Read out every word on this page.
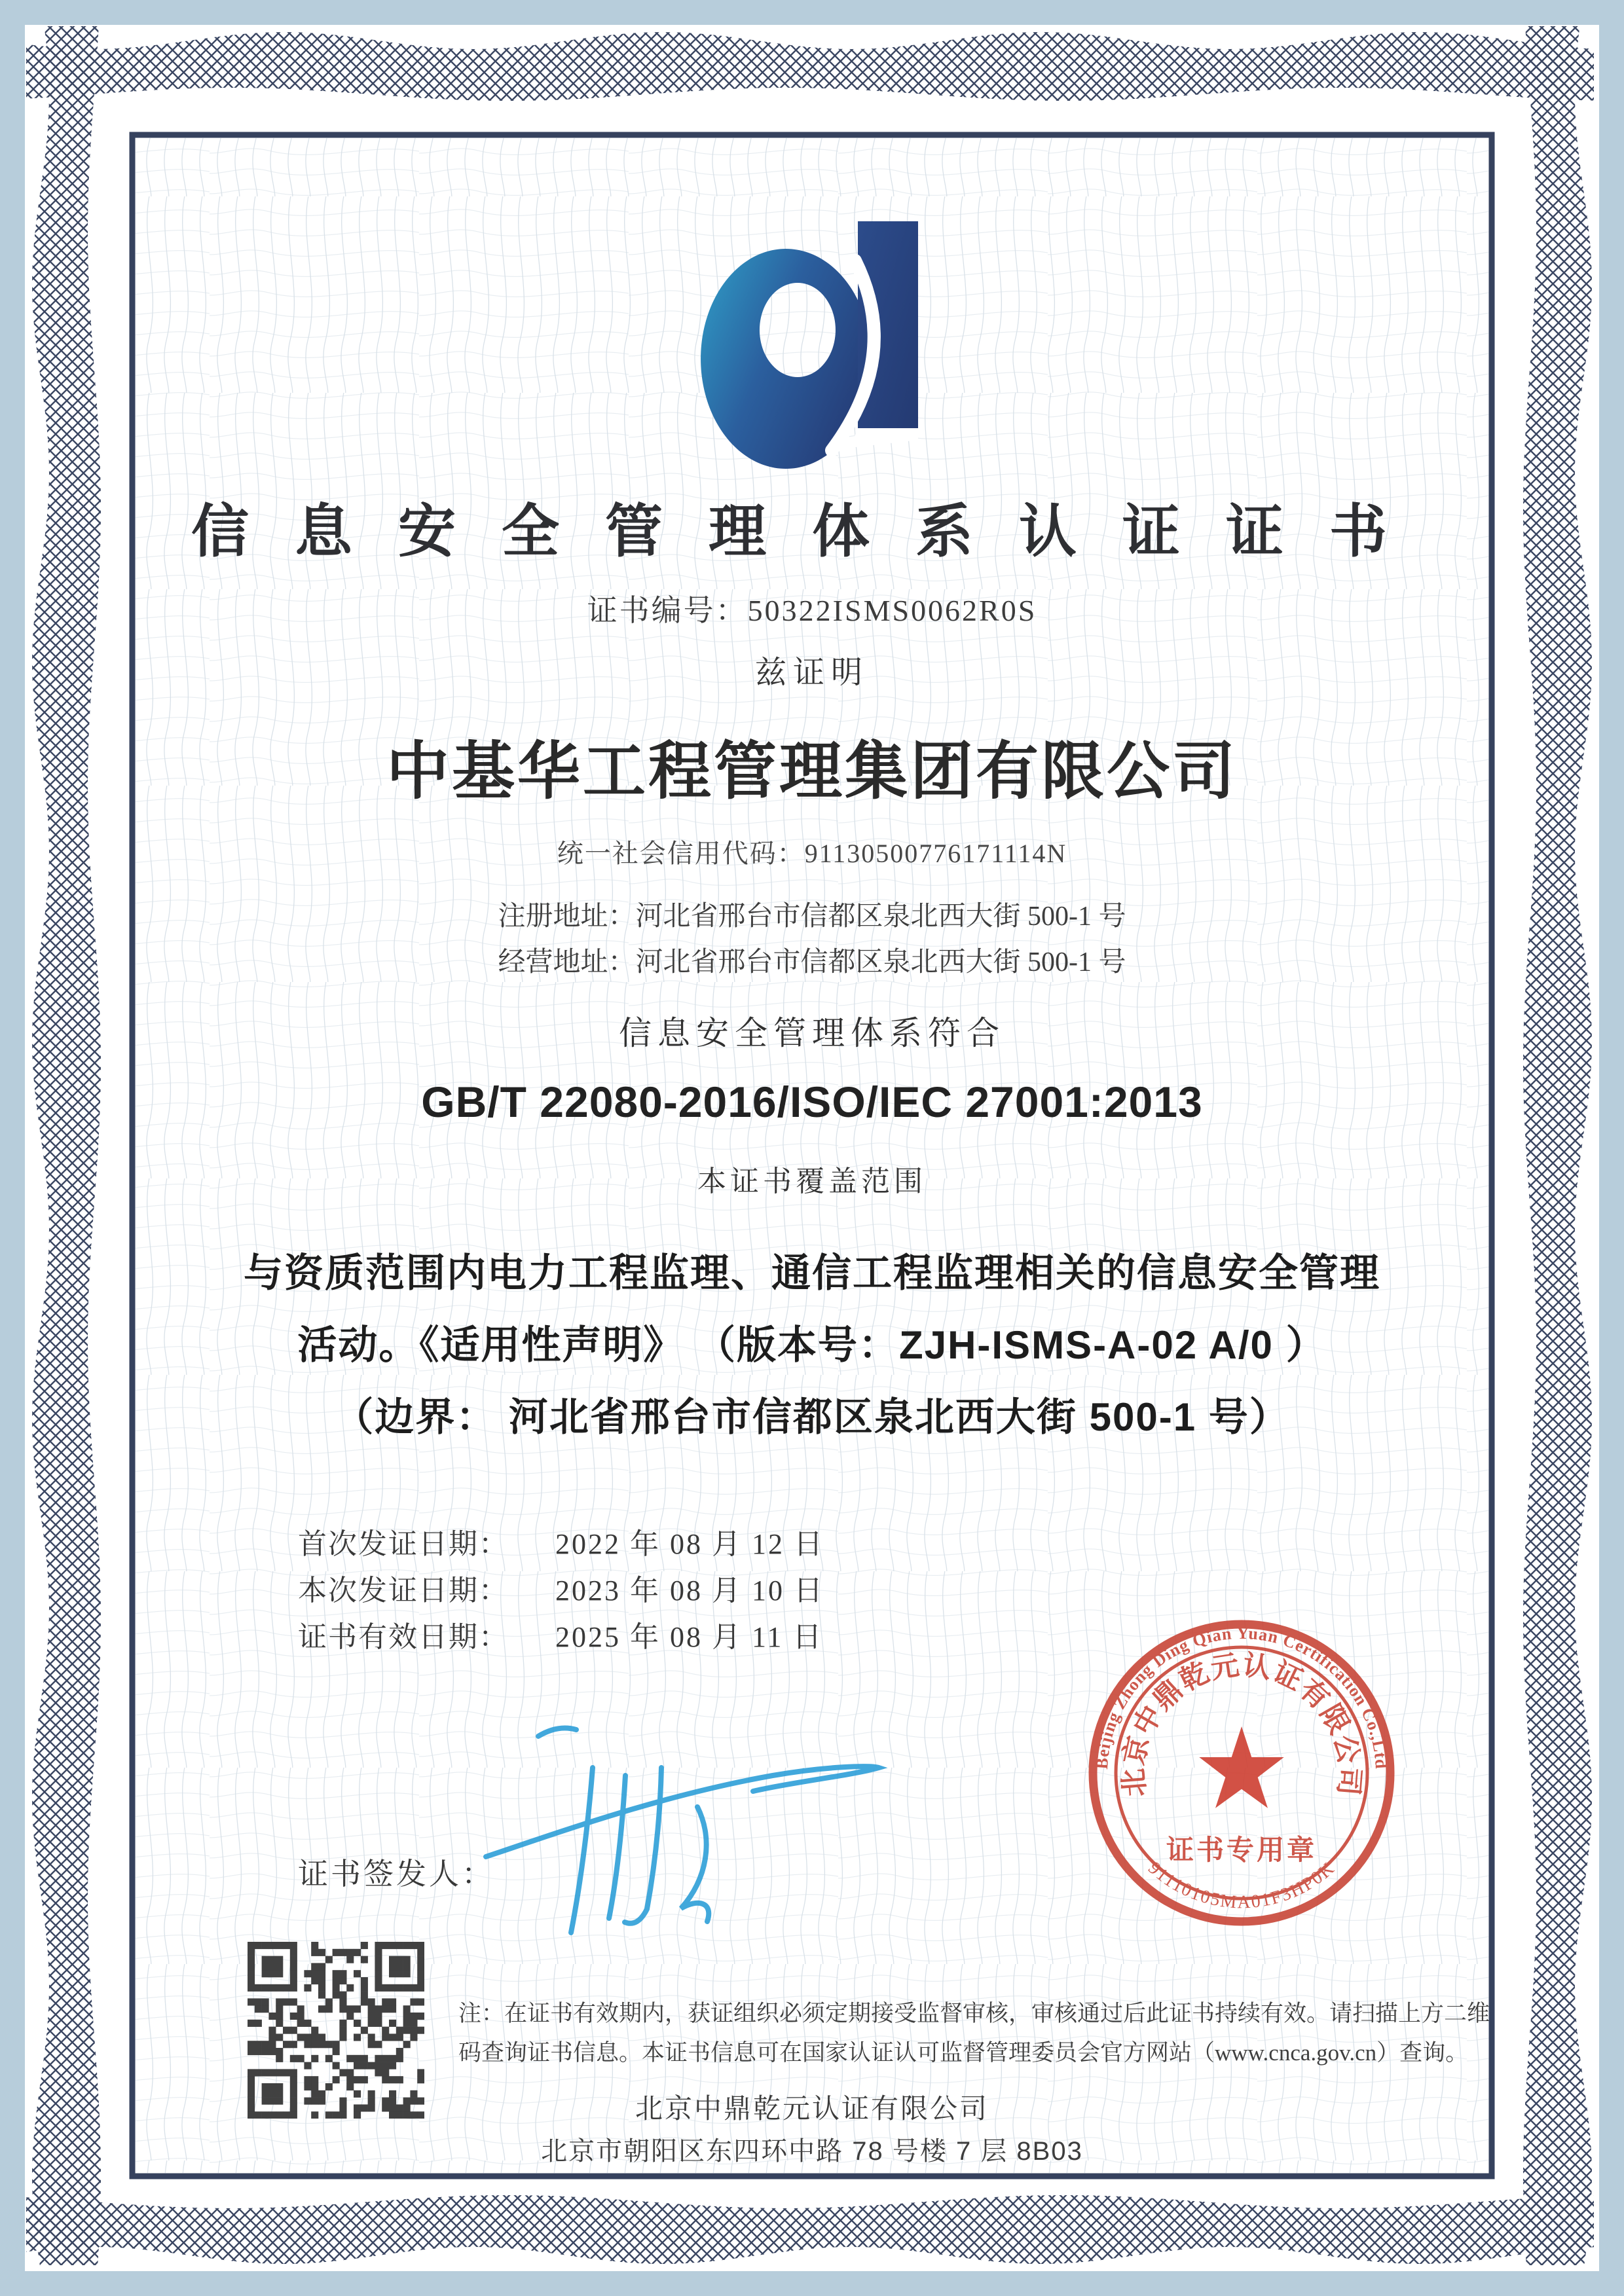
信息安全管理体系认证证书
证书编号：50322ISMS0062R0S
兹证明
中基华工程管理集团有限公司
统一社会信用代码：91130500776171114N
注册地址：河北省邢台市信都区泉北西大街 500-1 号
经营地址：河北省邢台市信都区泉北西大街 500-1 号
信息安全管理体系符合
GB/T 22080-2016/ISO/IEC 27001:2013
本证书覆盖范围
与资质范围内电力工程监理、通信工程监理相关的信息安全管理
活动。《适用性声明》 （版本号：ZJH-ISMS-A-02 A/0 ）
（边界： 河北省邢台市信都区泉北西大街 500-1 号）
首次发证日期：	2022 年 08 月 12 日
本次发证日期：	2023 年 08 月 10 日
证书有效日期：	2025 年 08 月 11 日
证书签发人：
Beijing Zhong Ding Qian Yuan Certification Co.,Ltd
北京中鼎乾元认证有限公司
91110105MA01F3HP0K
证书专用章
注：在证书有效期内，获证组织必须定期接受监督审核，审核通过后此证书持续有效。请扫描上方二维
码查询证书信息。本证书信息可在国家认证认可监督管理委员会官方网站（www.cnca.gov.cn）查询。
北京中鼎乾元认证有限公司
北京市朝阳区东四环中路 78 号楼 7 层 8B03
